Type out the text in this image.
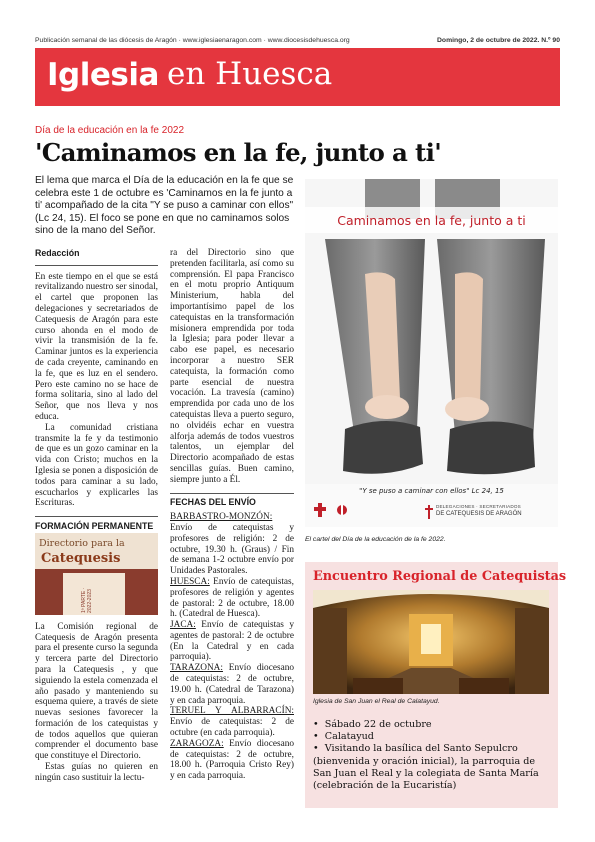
Publicación semanal de las diócesis de Aragón · www.iglesiaenaragon.com · www.diocesisdehuesca.org	Domingo, 2 de octubre de 2022. N.º 90
Iglesia en Huesca
Día de la educación en la fe 2022
'Caminamos en la fe, junto a ti'
El lema que marca el Día de la educación en la fe que se celebra este 1 de octubre es 'Caminamos en la fe junto a ti' acompañado de la cita "Y se puso a caminar con ellos" (Lc 24, 15). El foco se pone en que no caminamos solos sino de la mano del Señor.
Caminamos en la fe, junto a ti
"Y se puso a caminar con ellos" Lc 24, 15
DELEGACIONES · SECRETARIADOS
DE CATEQUESIS DE ARAGÓN
El cartel del Día de la educación de la fe 2022.

Redacción

En este tiempo en el que se está revitalizando nuestro ser sinodal, el cartel que proponen las delegaciones y secretariados de Catequesis de Aragón para este curso ahonda en el modo de vivir la transmisión de la fe. Caminar juntos es la experiencia de cada creyente, caminando en la fe, que es luz en el sendero. Pero este camino no se hace de forma solitaria, sino al lado del Señor, que nos lleva y nos educa.

La comunidad cristiana transmite la fe y da testimonio de que es un gozo caminar en la vida con Cristo; muchos en la Iglesia se ponen a disposición de todos para caminar a su lado, escucharlos y explicarles las Escrituras.

FORMACIÓN PERMANENTE

La Comisión regional de Catequesis de Aragón presenta para el presente curso la segunda y tercera parte del Directorio para la Catequesis , y que siguiendo la estela comenzada el año pasado y manteniendo su esquema quiere, a través de siete nuevas sesiones favorecer la formación de los catequistas y de todos aquellos que quieran comprender el documento base que constituye el Directorio.

Estas guías no quieren en ningún caso sustituir la lectu-

Directorio para la
Catequesis
1ª PARTE · 2022-2023

ra del Directorio sino que pretenden facilitarla, así como su comprensión. El papa Francisco en el motu proprio Antiquum Ministerium, habla del importantísimo papel de los catequistas en la transformación misionera emprendida por toda la Iglesia; para poder llevar a cabo ese papel, es necesario incorporar a nuestro SER catequista, la formación como parte esencial de nuestra vocación. La travesía (camino) emprendida por cada uno de los catequistas lleva a puerto seguro, no olvidéis echar en vuestra alforja además de todos vuestros talentos, un ejemplar del Directorio acompañado de estas sencillas guías. Buen camino, siempre junto a Él.

FECHAS DEL ENVÍO

BARBASTRO-MONZÓN: Envío de catequistas y profesores de religión: 2 de octubre, 19.30 h. (Graus) / Fin de semana 1-2 octubre envío por Unidades Pastorales.

HUESCA: Envío de catequistas, profesores de religión y agentes de pastoral: 2 de octubre, 18.00 h. (Catedral de Huesca).

JACA: Envío de catequistas y agentes de pastoral: 2 de octubre (En la Catedral y en cada parroquia).

TARAZONA: Envío diocesano de catequistas: 2 de octubre, 19.00 h. (Catedral de Tarazona) y en cada parroquia.

TERUEL Y ALBARRACÍN: Envío de catequistas: 2 de octubre (en cada parroquia).

ZARAGOZA: Envío diocesano de catequistas: 2 de octubre, 18.00 h. (Parroquia Cristo Rey) y en cada parroquia.

Encuentro Regional de Catequistas
Iglesia de San Juan el Real de Calatayud.
•  Sábado 22 de octubre
•  Calatayud
•  Visitando la basílica del Santo Sepulcro (bienvenida y oración inicial), la parroquia de San Juan el Real y la colegiata de Santa María (celebración de la Eucaristía)
